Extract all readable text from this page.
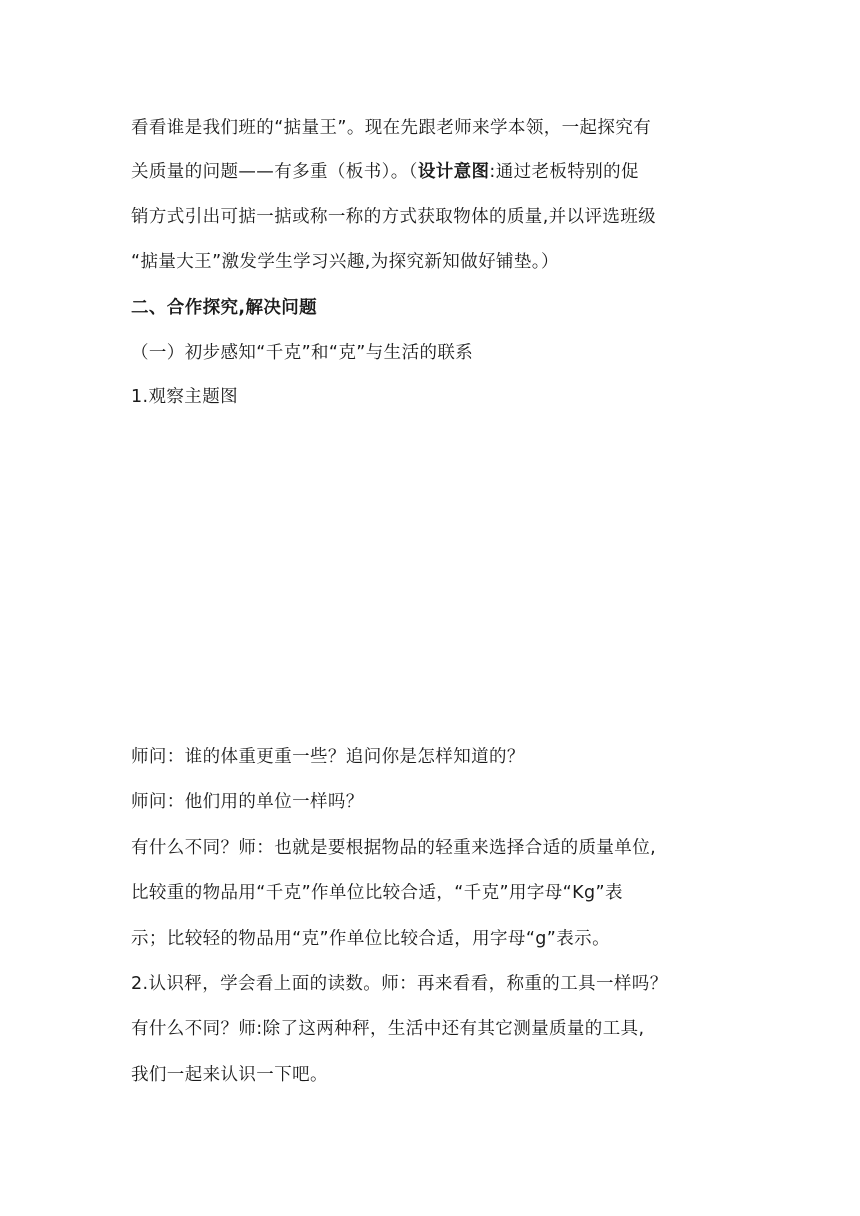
看看谁是我们班的“掂量王”。现在先跟老师来学本领，一起探究有
关质量的问题——有多重（板书）。（设计意图:通过老板特别的促
销方式引出可掂一掂或称一称的方式获取物体的质量,并以评选班级
“掂量大王”激发学生学习兴趣,为探究新知做好铺垫。）
二、合作探究,解决问题
（一）初步感知“千克”和“克”与生活的联系
1.观察主题图
师问：谁的体重更重一些？追问你是怎样知道的？
师问：他们用的单位一样吗？
有什么不同？师：也就是要根据物品的轻重来选择合适的质量单位,
比较重的物品用“千克”作单位比较合适，“千克”用字母“Kg”表
示；比较轻的物品用“克”作单位比较合适，用字母“g”表示。
2.认识秤，学会看上面的读数。师：再来看看，称重的工具一样吗？
有什么不同？师:除了这两种秤，生活中还有其它测量质量的工具,
我们一起来认识一下吧。
